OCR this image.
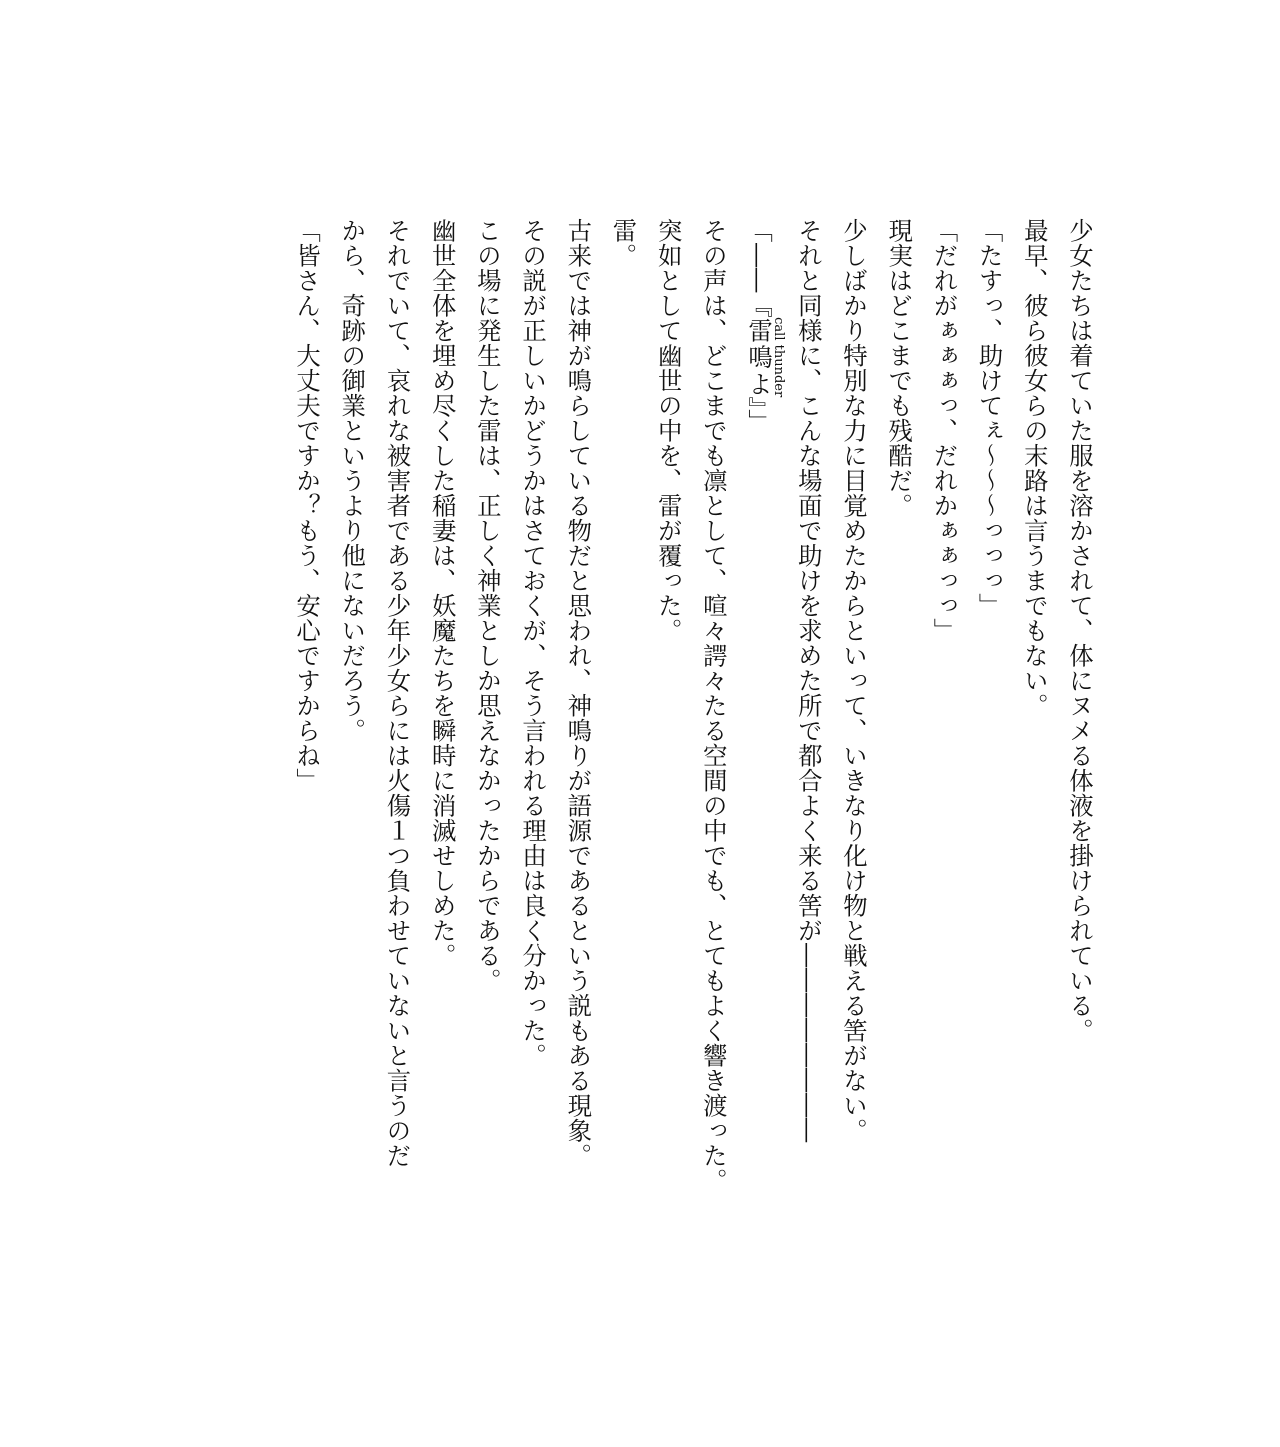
少女たちは着ていた服を溶かされて、体にヌメる体液を掛けられている。
最早、彼ら彼女らの末路は言うまでもない。
「たすっ、助けてぇ～～～っっっ」
「だれがぁぁぁっ、だれかぁぁっっ」
現実はどこまでも残酷だ。
少しばかり特別な力に目覚めたからといって、いきなり化け物と戦える筈がない。
それと同様に、こんな場面で助けを求めた所で都合よく来る筈が――――――――
「――『雷鳴よcall thunder』」
その声は、どこまでも凛として、喧々諤々たる空間の中でも、とてもよく響き渡った。
突如として幽世の中を、雷が覆った。
雷。
古来では神が鳴らしている物だと思われ、神鳴りが語源であるという説もある現象。
その説が正しいかどうかはさておくが、そう言われる理由は良く分かった。
この場に発生した雷は、正しく神業としか思えなかったからである。
幽世全体を埋め尽くした稲妻は、妖魔たちを瞬時に消滅せしめた。
それでいて、哀れな被害者である少年少女らには火傷１つ負わせていないと言うのだ
から、奇跡の御業というより他にないだろう。
「皆さん、大丈夫ですか？もう、安心ですからね」
